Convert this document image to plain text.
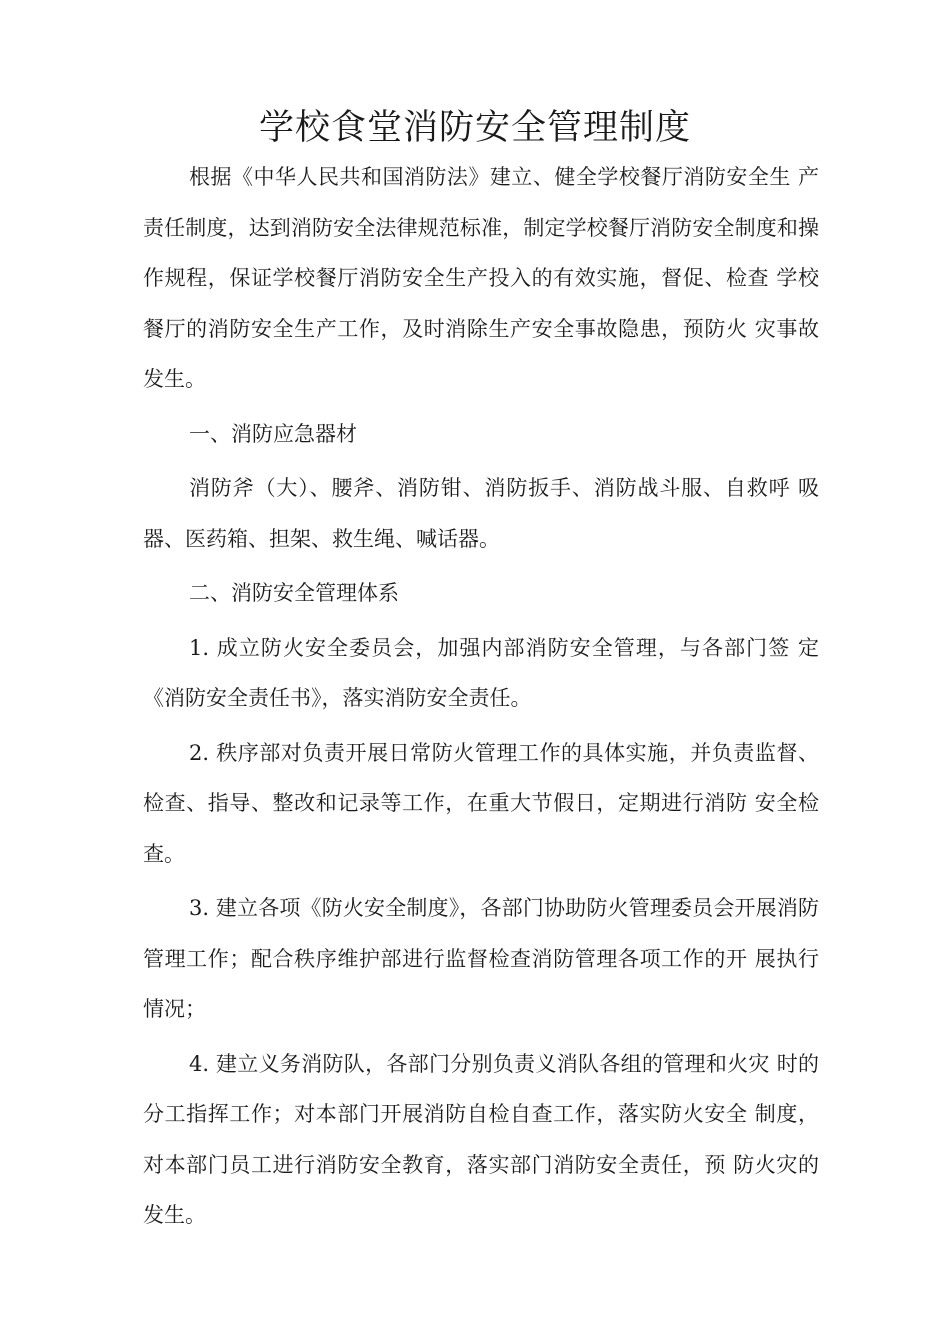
学校食堂消防安全管理制度

根据《中华人民共和国消防法》建立、健全学校餐厅消防安全生 产责任制度，达到消防安全法律规范标准，制定学校餐厅消防安全制度和操作规程，保证学校餐厅消防安全生产投入的有效实施，督促、检查 学校餐厅的消防安全生产工作，及时消除生产安全事故隐患，预防火 灾事故发生。

一、消防应急器材

消防斧（大）、腰斧、消防钳、消防扳手、消防战斗服、自救呼 吸器、医药箱、担架、救生绳、喊话器。

二、消防安全管理体系

1. 成立防火安全委员会，加强内部消防安全管理，与各部门签 定《消防安全责任书》，落实消防安全责任。

2. 秩序部对负责开展日常防火管理工作的具体实施，并负责监督、检查、指导、整改和记录等工作，在重大节假日，定期进行消防 安全检查。

3. 建立各项《防火安全制度》，各部门协助防火管理委员会开展消防管理工作；配合秩序维护部进行监督检查消防管理各项工作的开 展执行情况；

4. 建立义务消防队，各部门分别负责义消队各组的管理和火灾 时的分工指挥工作；对本部门开展消防自检自查工作，落实防火安全 制度，对本部门员工进行消防安全教育，落实部门消防安全责任，预 防火灾的发生。
